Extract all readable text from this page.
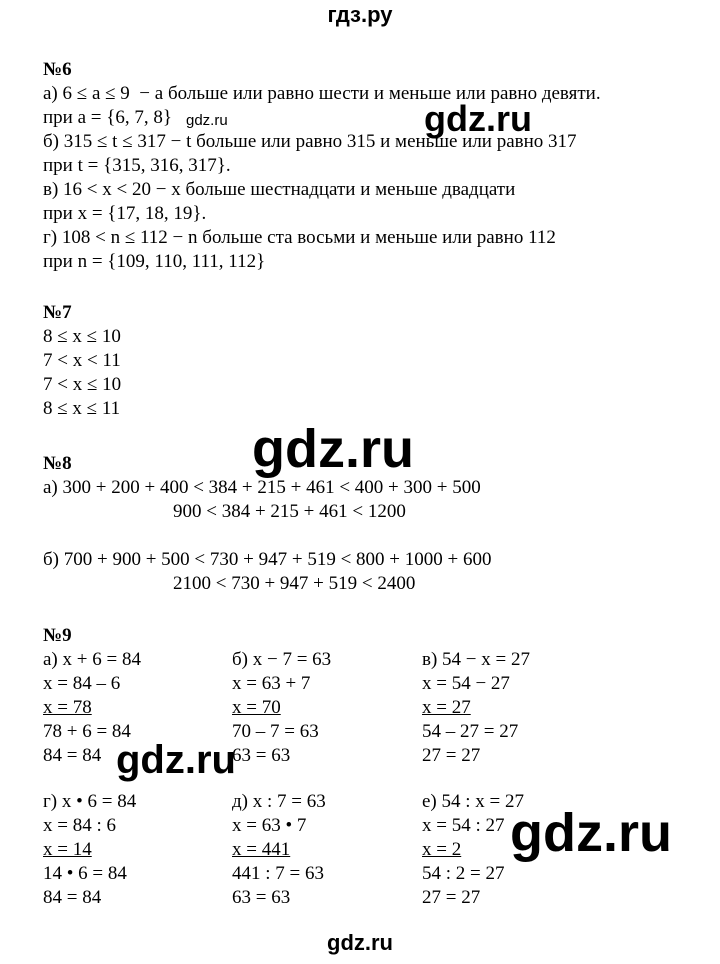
гдз.ру
№6
а) 6 ≤ a ≤ 9  − a больше или равно шести и меньше или равно девяти.
при a = {6, 7, 8}
б) 315 ≤ t ≤ 317 − t больше или равно 315 и меньше или равно 317
при t = {315, 316, 317}.
в) 16 < x < 20 − x больше шестнадцати и меньше двадцати
при x = {17, 18, 19}.
г) 108 < n ≤ 112 − n больше ста восьми и меньше или равно 112
при n = {109, 110, 111, 112}
№7
8 ≤ x ≤ 10
7 < x < 11
7 < x ≤ 10
8 ≤ x ≤ 11
№8
а) 300 + 200 + 400 < 384 + 215 + 461 < 400 + 300 + 500
900 < 384 + 215 + 461 < 1200
б) 700 + 900 + 500 < 730 + 947 + 519 < 800 + 1000 + 600
2100 < 730 + 947 + 519 < 2400
№9
а) x + 6 = 84
x = 84 – 6
x = 78
78 + 6 = 84
84 = 84
б) x − 7 = 63
x = 63 + 7
x = 70
70 – 7 = 63
63 = 63
в) 54 − x = 27
x = 54 − 27
x = 27
54 – 27 = 27
27 = 27
г) x • 6 = 84
x = 84 : 6
x = 14
14 • 6 = 84
84 = 84
д) x : 7 = 63
x = 63 • 7
x = 441
441 : 7 = 63
63 = 63
е) 54 : x = 27
x = 54 : 27
x = 2
54 : 2 = 27
27 = 27
gdz.ru	gdz.ru
gdz.ru
gdz.ru
gdz.ru
gdz.ru
